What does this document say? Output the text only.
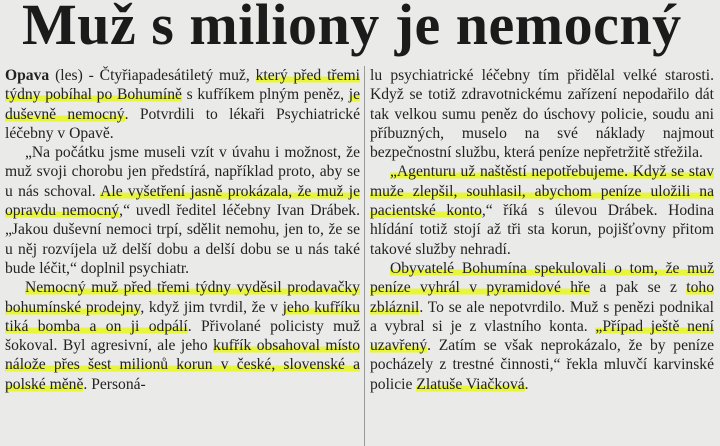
Muž s miliony je nemocný

Opava (les) - Čtyřiapadesátiletý muž, který před třemi týdny pobíhal po Bohumíně s kufříkem plným peněz, je duševně nemocný. Potvrdili to lékaři Psychiatrické léčebny v Opavě.

„Na počátku jsme museli vzít v úvahu i možnost, že muž svoji chorobu jen předstírá, například proto, aby se u nás schoval. Ale vyšetření jasně prokázala, že muž je opravdu nemocný,“ uvedl ředitel léčebny Ivan Drábek. „Jakou duševní nemoci trpí, sdělit nemohu, jen to, že se u něj rozvíjela už delší dobu a delší dobu se u nás také bude léčit,“ doplnil psychiatr.

Nemocný muž před třemi týdny vyděsil prodavačky bohumínské prodejny, když jim tvrdil, že v jeho kufříku tiká bomba a on ji odpálí. Přivolané policisty muž šokoval. Byl agresivní, ale jeho kufřík obsahoval místo nálože přes šest milionů korun v české, slovenské a polské měně. Personá-

lu psychiatrické léčebny tím přidělal velké starosti. Když se totiž zdravotnickému zařízení nepodařilo dát tak velkou sumu peněz do úschovy policie, soudu ani příbuzných, muselo na své náklady najmout bezpečnostní službu, která peníze nepřetržitě střežila.

„Agenturu už naštěstí nepotřebujeme. Když se stav muže zlepšil, souhlasil, abychom peníze uložili na pacientské konto,“ říká s úlevou Drábek. Hodina hlídání totiž stojí až tři sta korun, pojišťovny přitom takové služby nehradí.

Obyvatelé Bohumína spekulovali o tom, že muž peníze vyhrál v pyramidové hře a pak se z toho zbláznil. To se ale nepotvrdilo. Muž s penězi podnikal a vybral si je z vlastního konta. „Případ ještě není uzavřený. Zatím se však neprokázalo, že by peníze pocházely z trestné činnosti,“ řekla mluvčí karvinské policie Zlatuše Viačková.
